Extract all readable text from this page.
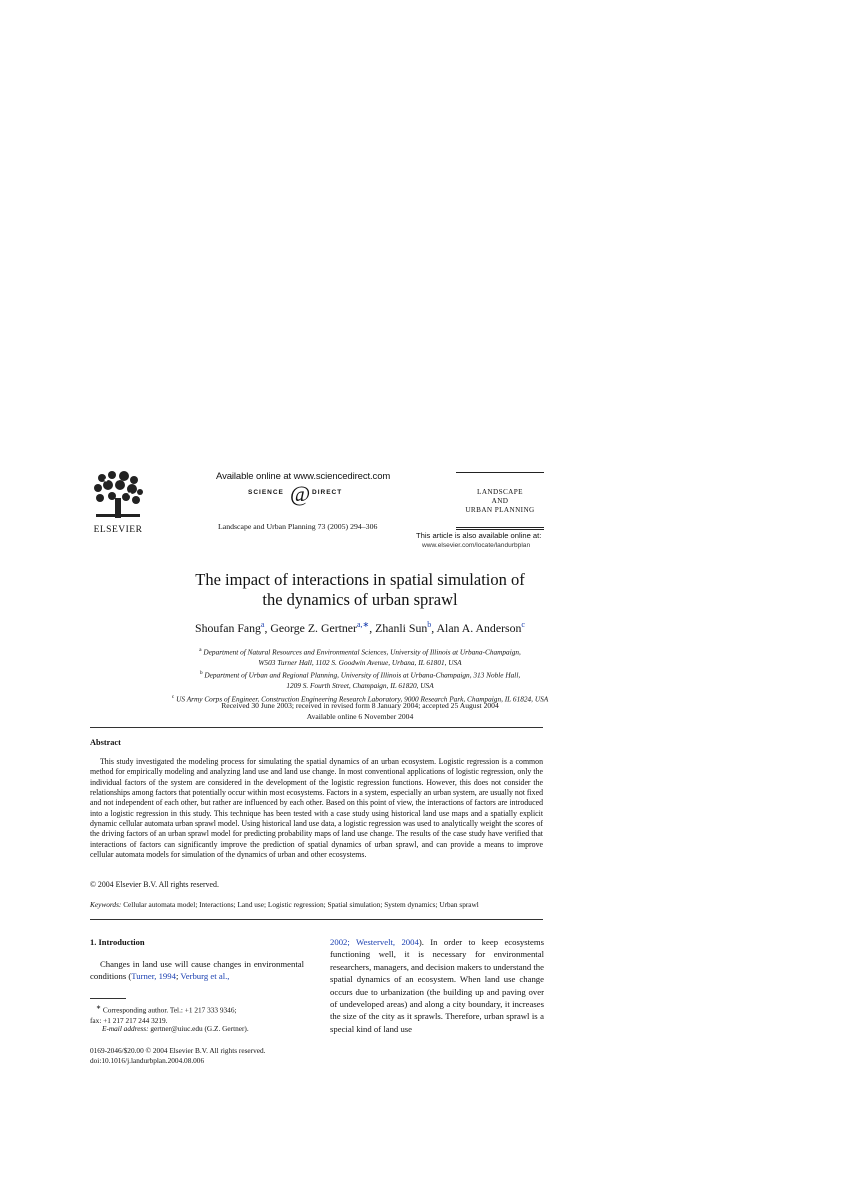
ELSEVIER
Available online at www.sciencedirect.com
SCIENCE @ DIRECT
Landscape and Urban Planning 73 (2005) 294–306
LANDSCAPE
AND
URBAN PLANNING
This article is also available online at:
www.elsevier.com/locate/landurbplan
The impact of interactions in spatial simulation of
the dynamics of urban sprawl
Shoufan Fang$^a$, George Z. Gertner$^{a,∗}$, Zhanli Sun$^b$, Alan A. Anderson$^c$
$^a$ Department of Natural Resources and Environmental Sciences, University of Illinois at Urbana-Champaign,
W503 Turner Hall, 1102 S. Goodwin Avenue, Urbana, IL 61801, USA
$^b$ Department of Urban and Regional Planning, University of Illinois at Urbana-Champaign, 313 Noble Hall,
1209 S. Fourth Street, Champaign, IL 61820, USA
$^c$ US Army Corps of Engineer, Construction Engineering Research Laboratory, 9000 Research Park, Champaign, IL 61824, USA
Received 30 June 2003; received in revised form 8 January 2004; accepted 25 August 2004
Available online 6 November 2004
Abstract
This study investigated the modeling process for simulating the spatial dynamics of an urban ecosystem. Logistic regression is a common method for empirically modeling and analyzing land use and land use change. In most conventional applications of logistic regression, only the individual factors of the system are considered in the development of the logistic regression functions. However, this does not consider the relationships among factors that potentially occur within most ecosystems. Factors in a system, especially an urban system, are usually not fixed and not independent of each other, but rather are influenced by each other. Based on this point of view, the interactions of factors are introduced into a logistic regression in this study. This technique has been tested with a case study using historical land use maps and a spatially explicit dynamic cellular automata urban sprawl model. Using historical land use data, a logistic regression was used to analytically weight the scores of the driving factors of an urban sprawl model for predicting probability maps of land use change. The results of the case study have verified that interactions of factors can significantly improve the prediction of spatial dynamics of urban sprawl, and can provide a means to improve cellular automata models for simulation of the dynamics of urban and other ecosystems.
© 2004 Elsevier B.V. All rights reserved.
Keywords: Cellular automata model; Interactions; Land use; Logistic regression; Spatial simulation; System dynamics; Urban sprawl
1. Introduction
Changes in land use will cause changes in environmental conditions (Turner, 1994; Verburg et al.,
2002; Westervelt, 2004). In order to keep ecosystems functioning well, it is necessary for environmental researchers, managers, and decision makers to understand the spatial dynamics of an ecosystem. When land use change occurs due to urbanization (the building up and paving over of undeveloped areas) and along a city boundary, it increases the size of the city as it sprawls. Therefore, urban sprawl is a special kind of land use
∗ Corresponding author. Tel.: +1 217 333 9346;
fax: +1 217 217 244 3219.
E-mail address: gertner@uiuc.edu (G.Z. Gertner).
0169-2046/$20.00 © 2004 Elsevier B.V. All rights reserved.
doi:10.1016/j.landurbplan.2004.08.006
